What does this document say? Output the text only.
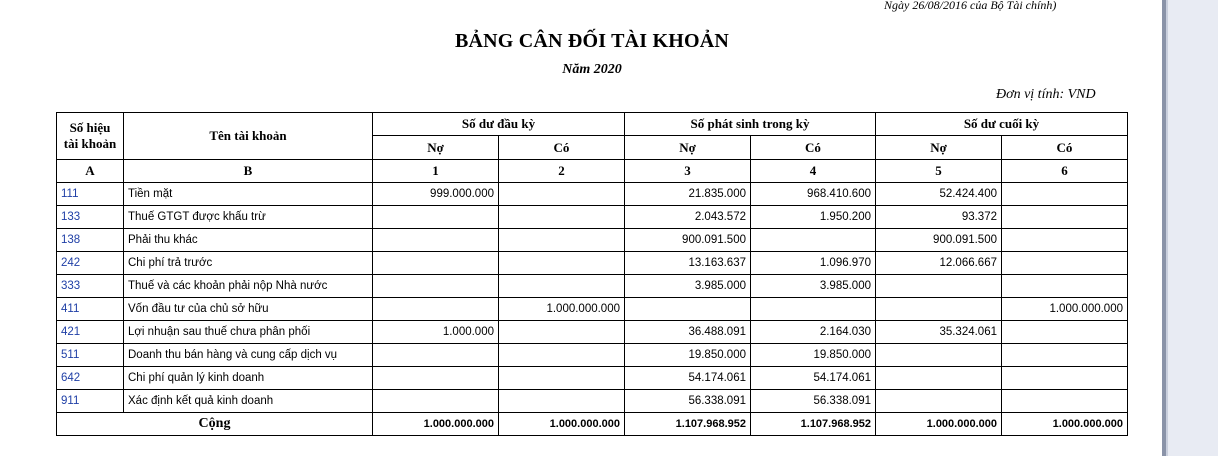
Ngày 26/08/2016 của Bộ Tài chính)
BẢNG CÂN ĐỐI TÀI KHOẢN
Năm 2020
Đơn vị tính: VND
Số hiệu tài khoản	Tên tài khoản	Số dư đầu kỳ		Số phát sinh trong kỳ		Số dư cuối kỳ	
		Nợ	Có	Nợ	Có	Nợ	Có
A	B	1	2	3	4	5	6
111	Tiền mặt	999.000.000		21.835.000	968.410.600	52.424.400	
133	Thuế GTGT được khấu trừ			2.043.572	1.950.200	93.372	
138	Phải thu khác			900.091.500		900.091.500	
242	Chi phí trả trước			13.163.637	1.096.970	12.066.667	
333	Thuế và các khoản phải nộp Nhà nước			3.985.000	3.985.000		
411	Vốn đầu tư của chủ sở hữu		1.000.000.000				1.000.000.000
421	Lợi nhuận sau thuế chưa phân phối	1.000.000		36.488.091	2.164.030	35.324.061	
511	Doanh thu bán hàng và cung cấp dịch vụ			19.850.000	19.850.000		
642	Chi phí quản lý kinh doanh			54.174.061	54.174.061		
911	Xác định kết quả kinh doanh			56.338.091	56.338.091		
Cộng		1.000.000.000	1.000.000.000	1.107.968.952	1.107.968.952	1.000.000.000	1.000.000.000
